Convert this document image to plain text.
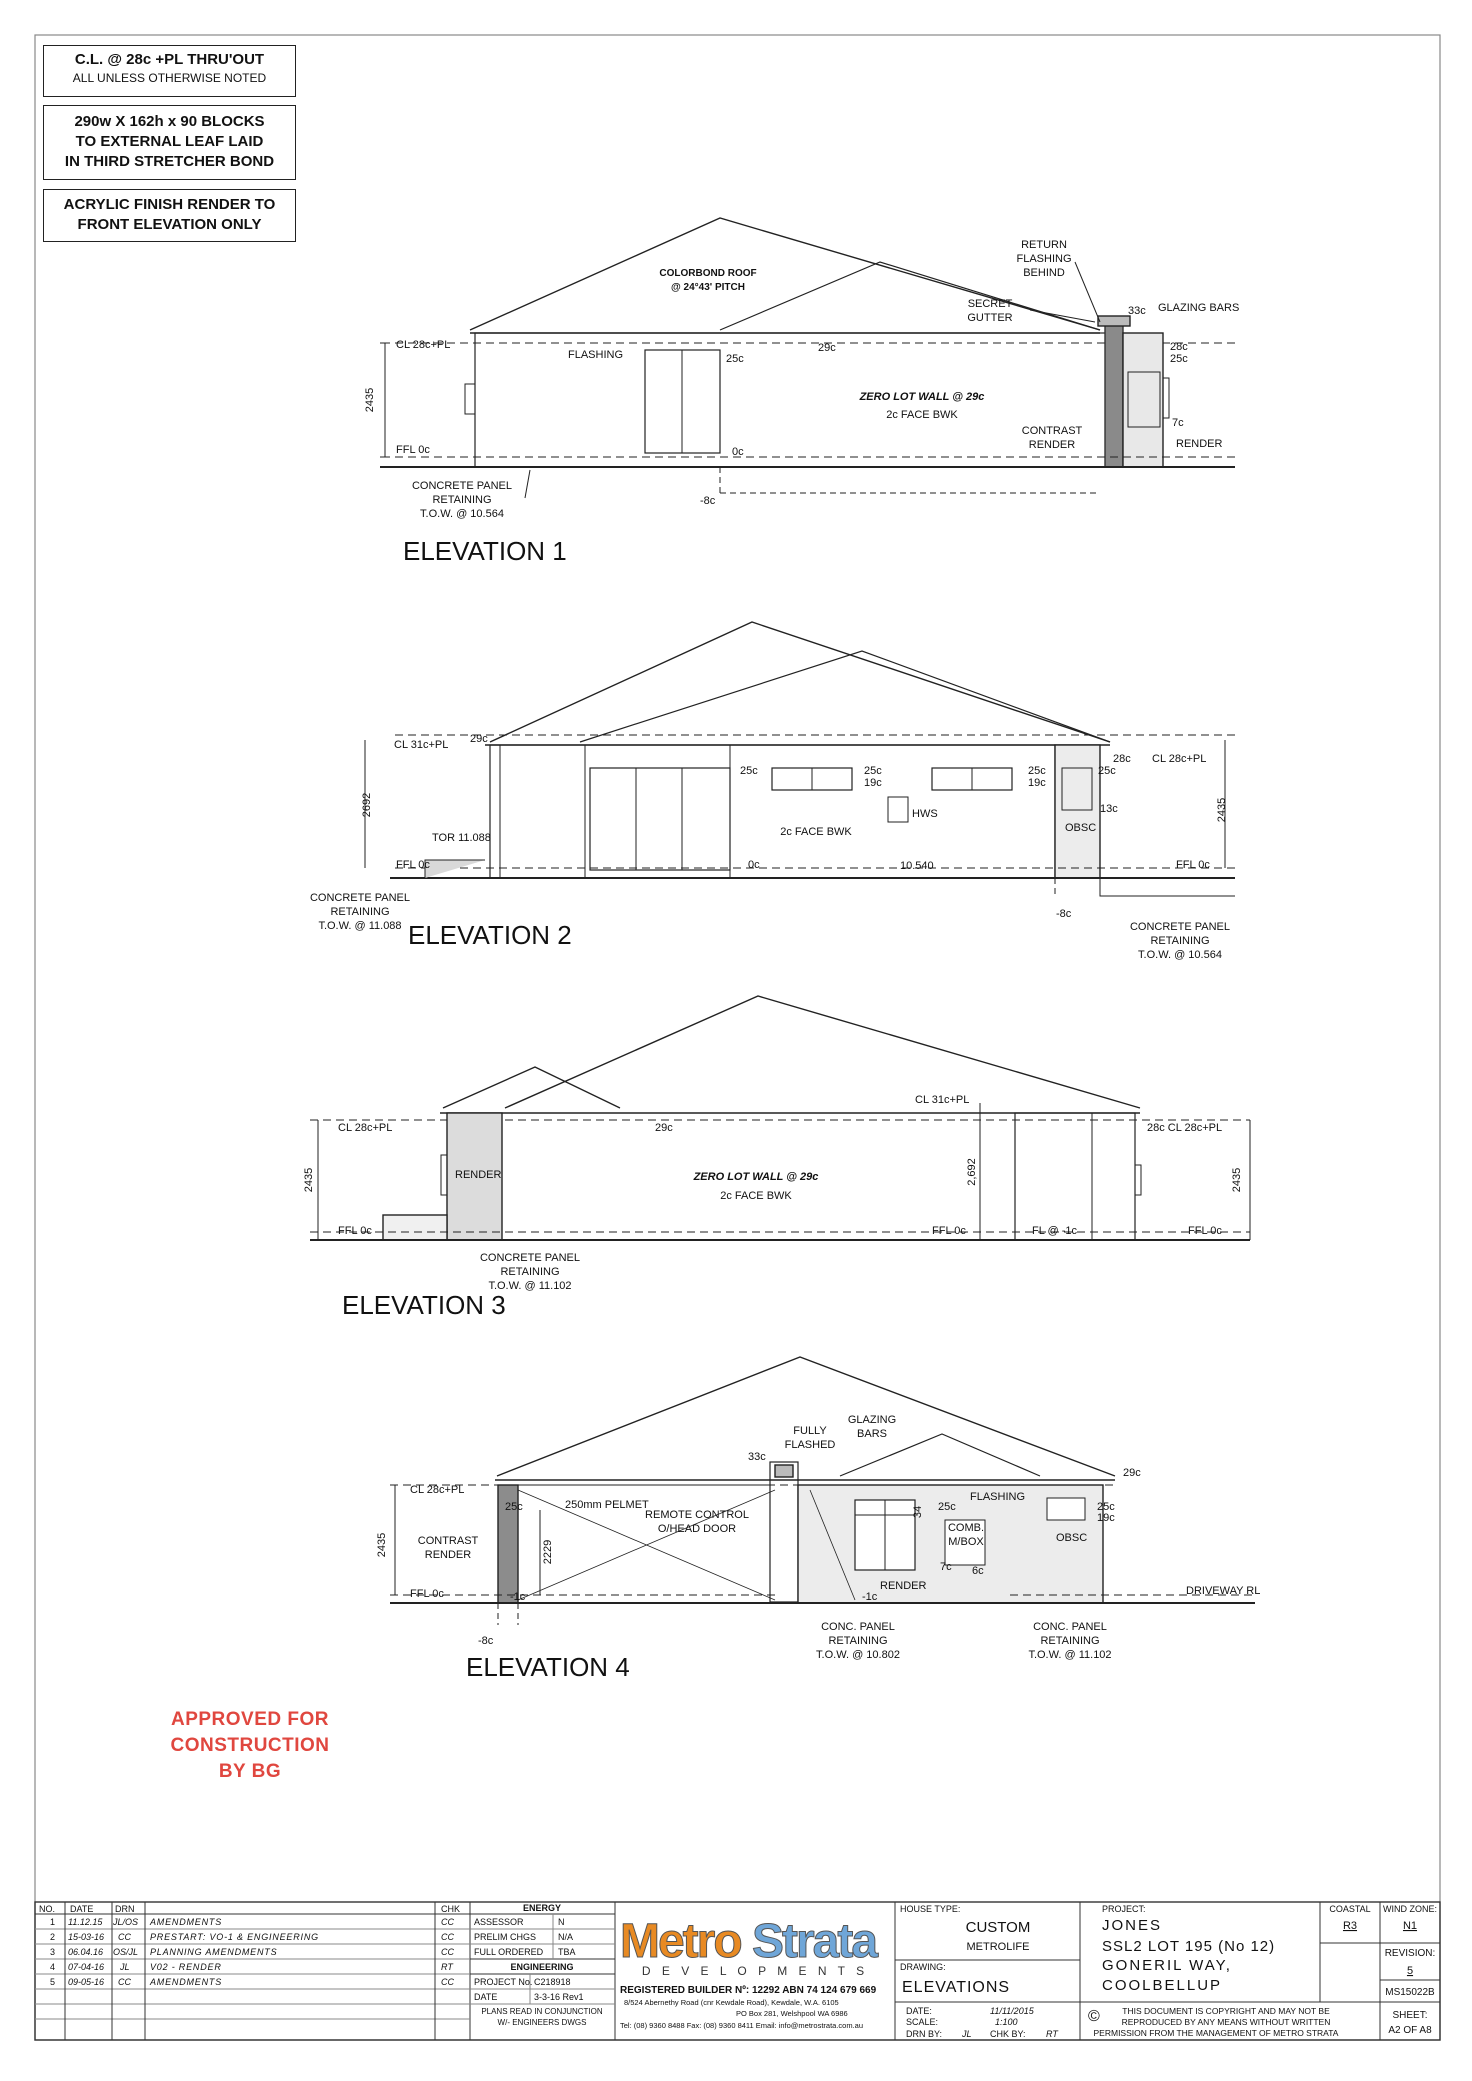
C.L. @ 28c +PL THRU'OUT
ALL UNLESS OTHERWISE NOTED
290w X 162h x 90 BLOCKS
TO EXTERNAL LEAF LAID
IN THIRD STRETCHER BOND
ACRYLIC FINISH RENDER TO
FRONT ELEVATION ONLY
COLORBOND ROOF
@ 24°43' PITCH
RETURN
FLASHING
BEHIND
SECRET
GUTTER
33c GLAZING BARS
CL 28c+PL
FLASHING	25c
29c	28c
25c
ZERO LOT WALL @ 29c
2c FACE BWK
2435
CONTRAST
RENDER
7c
RENDER
FFL 0c	0c
-8c
CONCRETE PANEL
RETAINING
T.O.W. @ 10.564
ELEVATION 1
29c
CL 31c+PL
CL 28c+PL
28c
25c	25c
19c
25c
19c
25c
13c
HWS
OBSC
2c FACE BWK
2692	2435
TOR 11.088
FFL 0c	FFL 0c
0c	10.540
-8c
CONCRETE PANEL
RETAINING
T.O.W. @ 11.088	CONCRETE PANEL
RETAINING
T.O.W. @ 10.564
ELEVATION 2
CL 28c+PL
CL 31c+PL
28c CL 28c+PL
29c
RENDER	ZERO LOT WALL @ 29c
2c FACE BWK
2,692
2435	2435
FFL 0c	FFL 0c	FL @ -1c	FFL 0c
CONCRETE PANEL
RETAINING
T.O.W. @ 11.102
ELEVATION 3
FULLY
FLASHED
GLAZING
BARS
33c
29c
CL 28c+PL
25c	250mm PELMET
REMOTE CONTROL
O/HEAD DOOR
34 25c
FLASHING
25c
19c
COMB.
M/BOX	OBSC
CONTRAST
RENDER
2435	2229
7c 6c
RENDER
FFL 0c	-1c	-1c	DRIVEWAY RL
-8c
CONC. PANEL
RETAINING
T.O.W. @ 10.802
CONC. PANEL
RETAINING
T.O.W. @ 11.102
ELEVATION 4
APPROVED FOR
CONSTRUCTION
BY BG
NO. DATE DRN	CHK
1 11.12.15 JL/OS AMENDMENTS	CC
2 15-03-16 CC PRESTART: VO-1 & ENGINEERING	CC
3 06.04.16 OS/JL PLANNING AMENDMENTS	CC
4 07-04-16 JL V02 - RENDER	RT
5 09-05-16 CC AMENDMENTS	CC
ENERGY
ASSESSOR	N
PRELIM CHGS N/A
FULL ORDERED TBA
ENGINEERING
PROJECT No. C218918
DATE	3-3-16 Rev1
PLANS READ IN CONJUNCTION
W/- ENGINEERS DWGS
Metro Strata
D E V E L O P M E N T S
REGISTERED BUILDER Nº: 12292 ABN 74 124 679 669
8/524 Abernethy Road (cnr Kewdale Road), Kewdale, W.A. 6105
PO Box 281, Welshpool WA 6986
Tel: (08) 9360 8488 Fax: (08) 9360 8411 Email: info@metrostrata.com.au
HOUSE TYPE:
CUSTOM
METROLIFE
DRAWING:
ELEVATIONS
DATE:	11/11/2015
SCALE:	1:100
DRN BY: JL CHK BY: RT
PROJECT:
JONES
SSL2 LOT 195 (No 12)
GONERIL WAY,
COOLBELLUP
©	THIS DOCUMENT IS COPYRIGHT AND MAY NOT BE
REPRODUCED BY ANY MEANS WITHOUT WRITTEN
PERMISSION FROM THE MANAGEMENT OF METRO STRATA
COASTAL
R3
WIND ZONE:
N1
REVISION:
5
MS15022B
SHEET:
A2 OF A8
